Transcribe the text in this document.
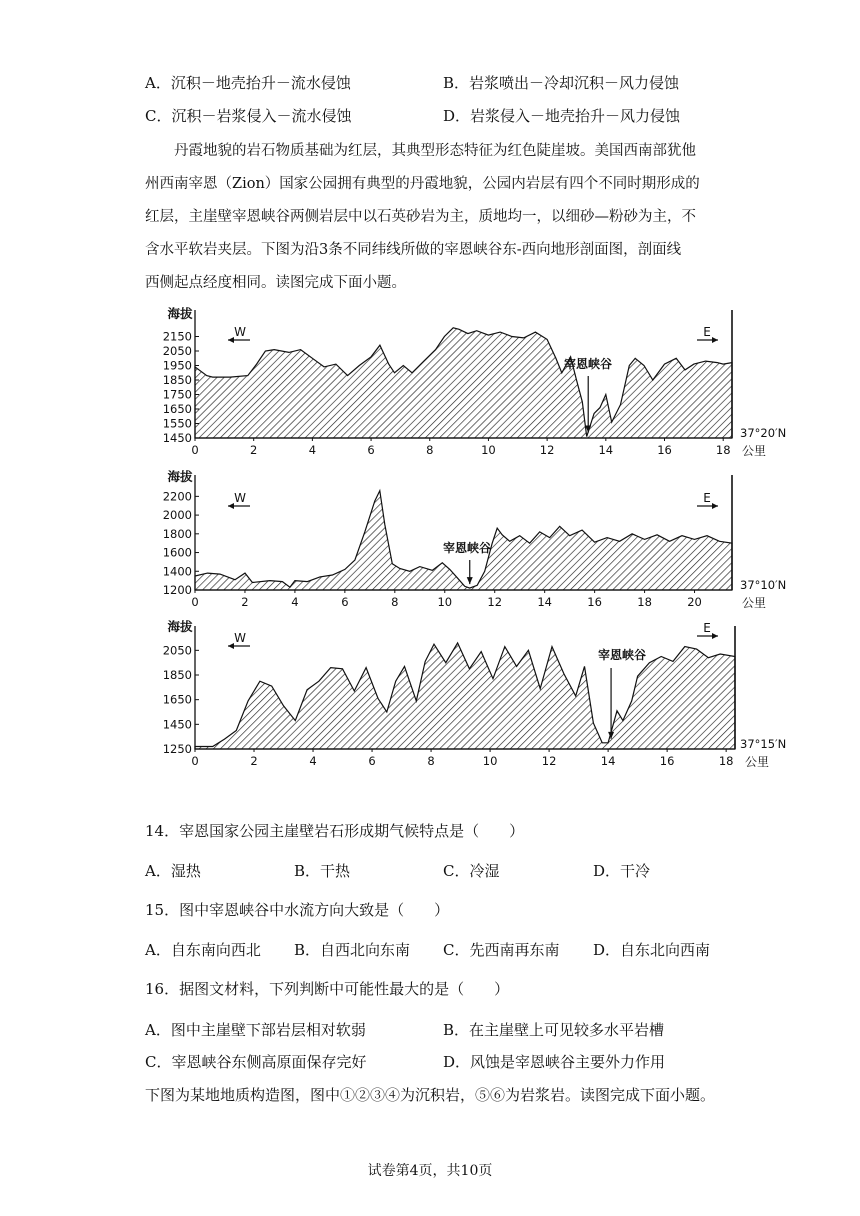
A．沉积－地壳抬升－流水侵蚀	B．岩浆喷出－冷却沉积－风力侵蚀
C．沉积－岩浆侵入－流水侵蚀	D．岩浆侵入－地壳抬升－风力侵蚀

　　丹霞地貌的岩石物质基础为红层，其典型形态特征为红色陡崖坡。美国西南部犹他

州西南宰恩（Zion）国家公园拥有典型的丹霞地貌，公园内岩层有四个不同时期形成的

红层，主崖壁宰恩峡谷两侧岩层中以石英砂岩为主，质地均一，以细砂—粉砂为主，不

含水平软岩夹层。下图为沿3条不同纬线所做的宰恩峡谷东-西向地形剖面图，剖面线

西侧起点经度相同。读图完成下面小题。

1450
1550
1650
1750
1850
1950
2050
2150
0	2	4	6	8	10	12	14	16	18 公里
海拔
37°20′N
W	E
宰恩峡谷
1200
1400
1600
1800
2000
2200
0	2	4	6	8	10	12	14	16	18	20	公里
海拔
37°10′N
W	E
宰恩峡谷
1250
1450
1650
1850
2050
0	2	4	6	8	10	12	14	16	18 公里
海拔
37°15′N
W
E
宰恩峡谷
14．宰恩国家公园主崖壁岩石形成期气候特点是（　　）
A．湿热	B．干热	C．冷湿	D．干冷
15．图中宰恩峡谷中水流方向大致是（　　）
A．自东南向西北 B．自西北向东南 C．先西南再东南 D．自东北向西南
16．据图文材料，下列判断中可能性最大的是（　　）
A．图中主崖壁下部岩层相对软弱	B．在主崖壁上可见较多水平岩槽
C．宰恩峡谷东侧高原面保存完好	D．风蚀是宰恩峡谷主要外力作用
下图为某地地质构造图，图中①②③④为沉积岩，⑤⑥为岩浆岩。读图完成下面小题。
试卷第4页，共10页
